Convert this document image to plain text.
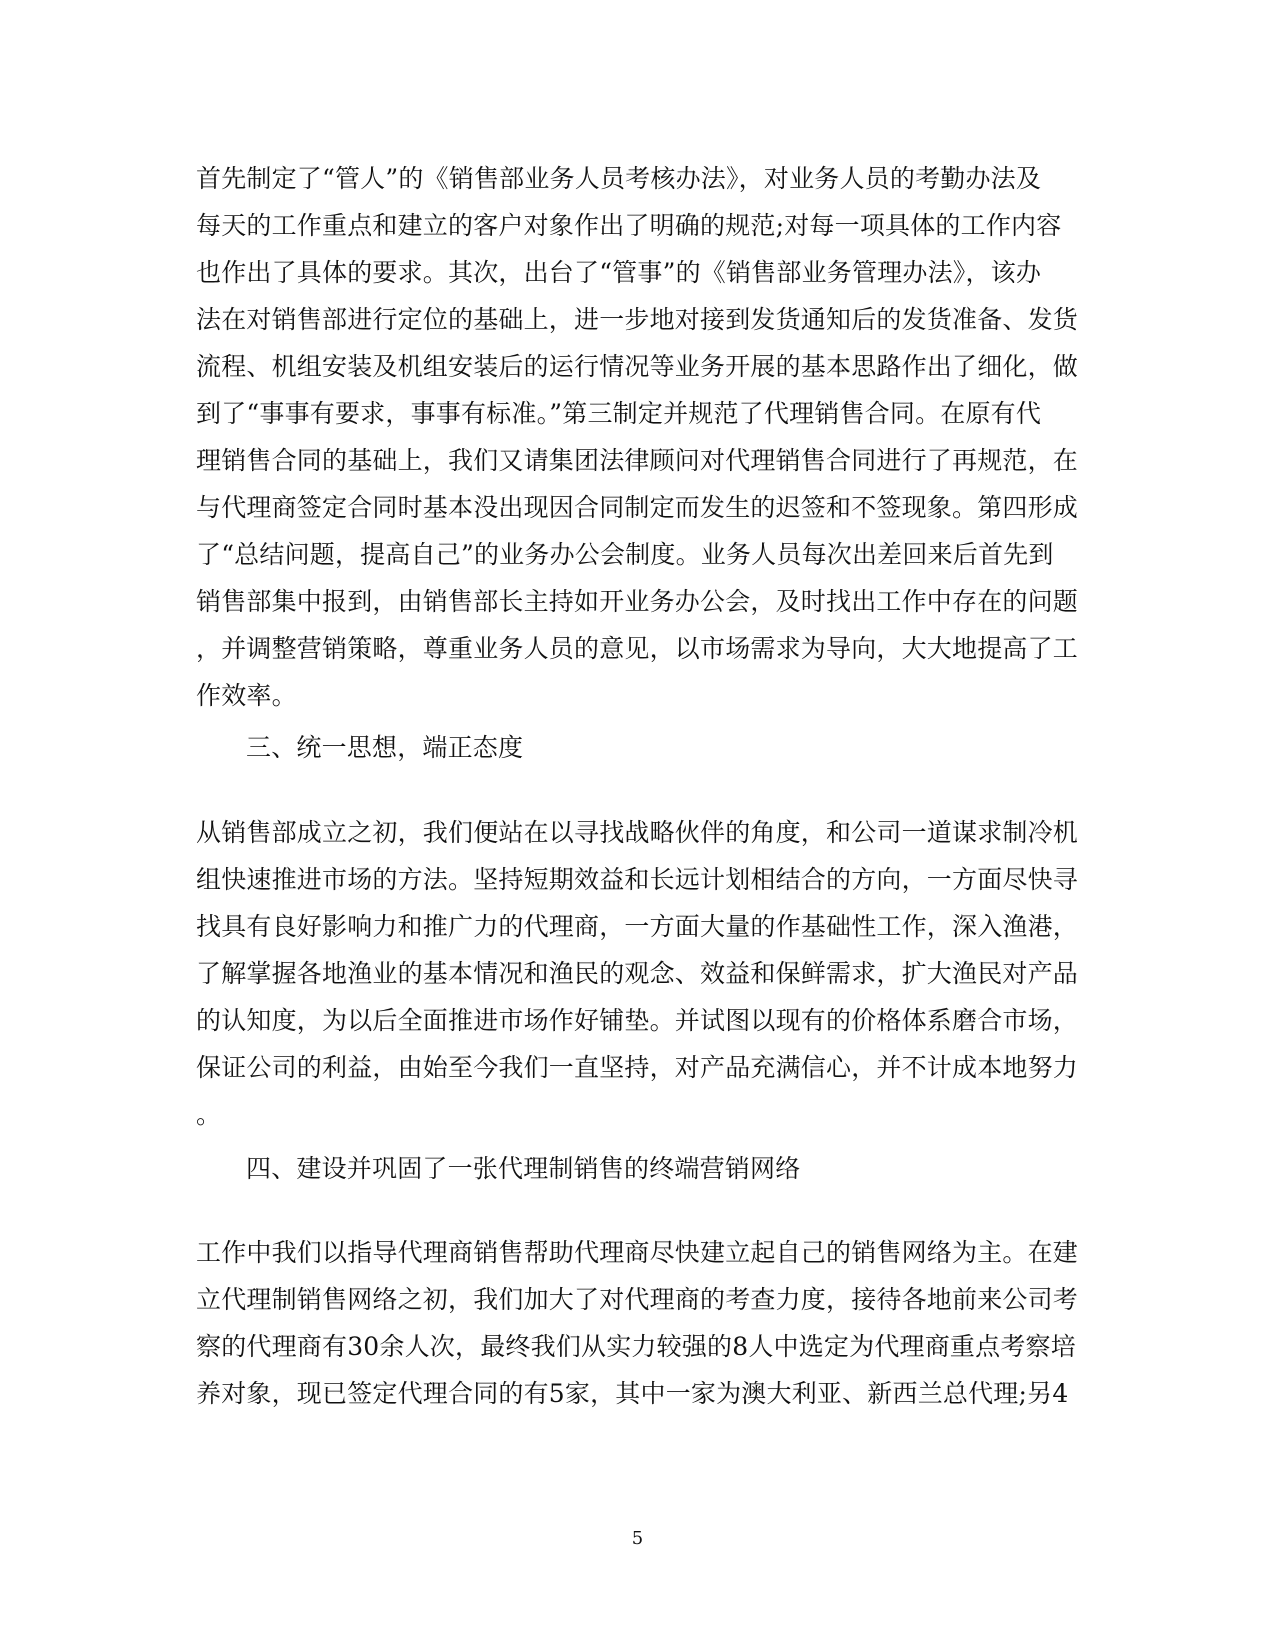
首先制定了“管人”的《销售部业务人员考核办法》，对业务人员的考勤办法及
每天的工作重点和建立的客户对象作出了明确的规范;对每一项具体的工作内容
也作出了具体的要求。其次，出台了“管事”的《销售部业务管理办法》，该办
法在对销售部进行定位的基础上，进一步地对接到发货通知后的发货准备、发货
流程、机组安装及机组安装后的运行情况等业务开展的基本思路作出了细化，做
到了“事事有要求，事事有标准。”第三制定并规范了代理销售合同。在原有代
理销售合同的基础上，我们又请集团法律顾问对代理销售合同进行了再规范，在
与代理商签定合同时基本没出现因合同制定而发生的迟签和不签现象。第四形成
了“总结问题，提高自己”的业务办公会制度。业务人员每次出差回来后首先到
销售部集中报到，由销售部长主持如开业务办公会，及时找出工作中存在的问题
，并调整营销策略，尊重业务人员的意见，以市场需求为导向，大大地提高了工
作效率。
三、统一思想，端正态度
从销售部成立之初，我们便站在以寻找战略伙伴的角度，和公司一道谋求制冷机
组快速推进市场的方法。坚持短期效益和长远计划相结合的方向，一方面尽快寻
找具有良好影响力和推广力的代理商，一方面大量的作基础性工作，深入渔港，
了解掌握各地渔业的基本情况和渔民的观念、效益和保鲜需求，扩大渔民对产品
的认知度，为以后全面推进市场作好铺垫。并试图以现有的价格体系磨合市场，
保证公司的利益，由始至今我们一直坚持，对产品充满信心，并不计成本地努力
。
四、建设并巩固了一张代理制销售的终端营销网络
工作中我们以指导代理商销售帮助代理商尽快建立起自己的销售网络为主。在建
立代理制销售网络之初，我们加大了对代理商的考查力度，接待各地前来公司考
察的代理商有30余人次，最终我们从实力较强的8人中选定为代理商重点考察培
养对象，现已签定代理合同的有5家，其中一家为澳大利亚、新西兰总代理;另4
5
